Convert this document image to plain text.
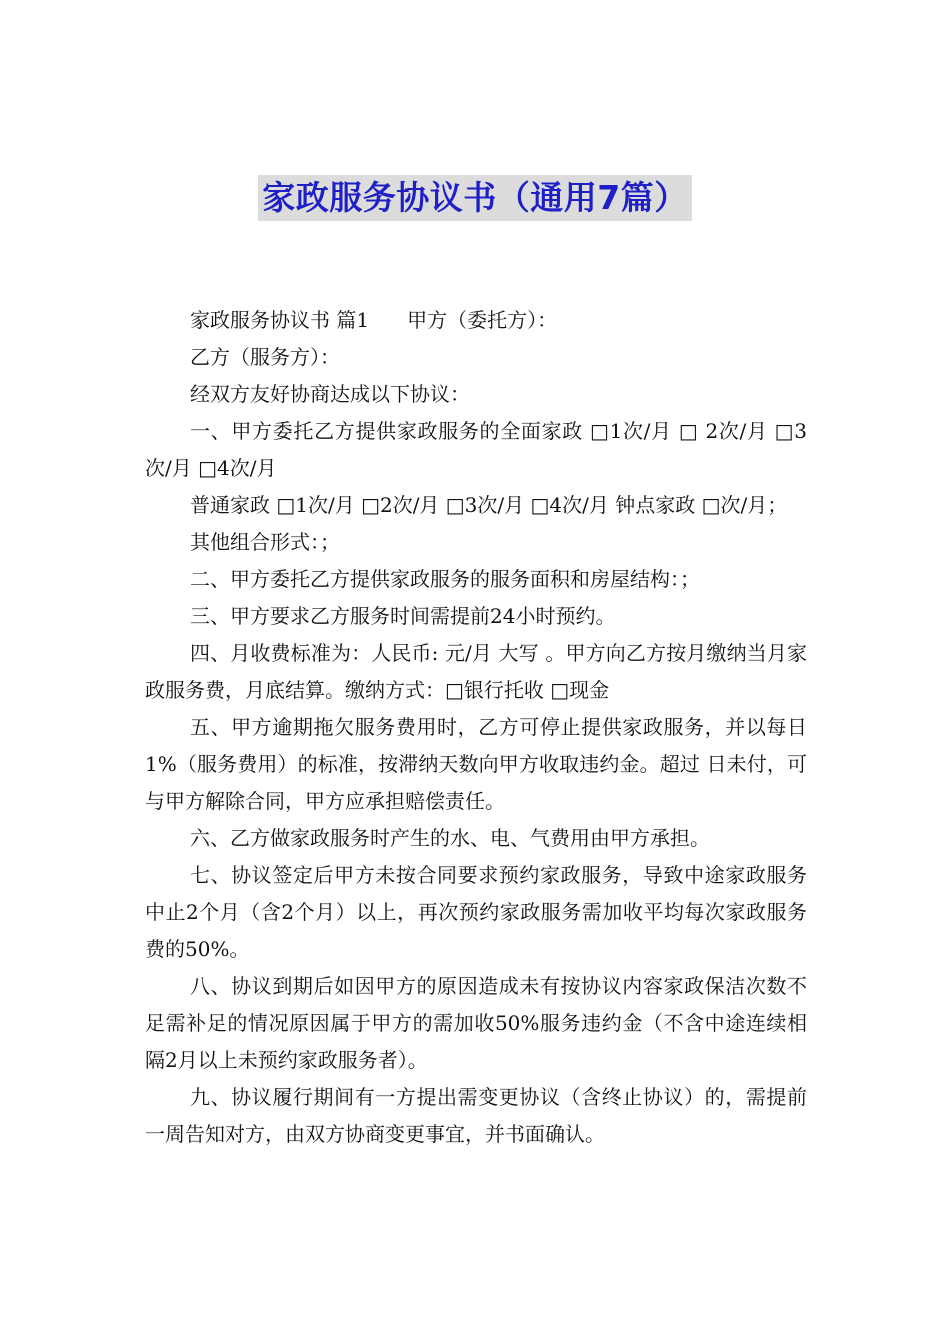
家政服务协议书（通用7篇）

家政服务协议书 篇1 甲方（委托方）：

乙方（服务方）：

经双方友好协商达成以下协议：

一、甲方委托乙方提供家政服务的全面家政 □1次/月 □ 2次/月 □3次/月 □4次/月

普通家政 □1次/月 □2次/月 □3次/月 □4次/月 钟点家政 □次/月；

其他组合形式：；

二、甲方委托乙方提供家政服务的服务面积和房屋结构：；

三、甲方要求乙方服务时间需提前24小时预约。

四、月收费标准为：人民币: 元/月 大写 。甲方向乙方按月缴纳当月家政服务费，月底结算。缴纳方式：□银行托收 □现金

五、甲方逾期拖欠服务费用时，乙方可停止提供家政服务，并以每日1%（服务费用）的标准，按滞纳天数向甲方收取违约金。超过 日未付，可与甲方解除合同，甲方应承担赔偿责任。

六、乙方做家政服务时产生的水、电、气费用由甲方承担。

七、协议签定后甲方未按合同要求预约家政服务，导致中途家政服务中止2个月（含2个月）以上，再次预约家政服务需加收平均每次家政服务费的50%。

八、协议到期后如因甲方的原因造成未有按协议内容家政保洁次数不足需补足的情况原因属于甲方的需加收50%服务违约金（不含中途连续相隔2月以上未预约家政服务者）。

九、协议履行期间有一方提出需变更协议（含终止协议）的，需提前一周告知对方，由双方协商变更事宜，并书面确认。
